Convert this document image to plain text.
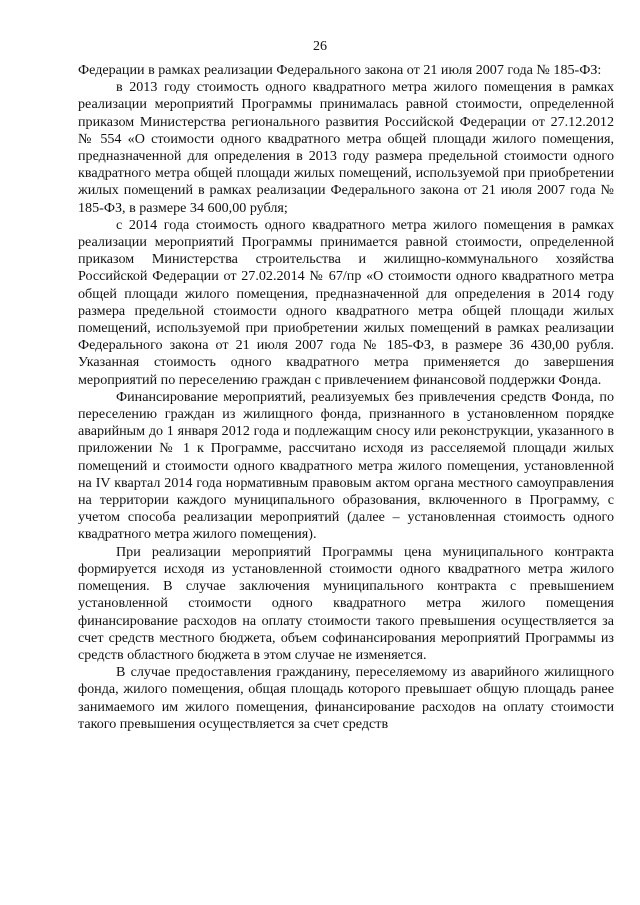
26

Федерации в рамках реализации Федерального закона от 21 июля 2007 года № 185-ФЗ:

в 2013 году стоимость одного квадратного метра жилого помещения в рамках реализации мероприятий Программы принималась равной стоимости, определенной приказом Министерства регионального развития Российской Федерации от 27.12.2012 № 554 «О стоимости одного квадратного метра общей площади жилого помещения, предназначенной для определения в 2013 году размера предельной стоимости одного квадратного метра общей площади жилых помещений, используемой при приобретении жилых помещений в рамках реализации Федерального закона от 21 июля 2007 года № 185-ФЗ, в размере 34 600,00 рубля;

с 2014 года стоимость одного квадратного метра жилого помещения в рамках реализации мероприятий Программы принимается равной стоимости, определенной приказом Министерства строительства и жилищно-коммунального хозяйства Российской Федерации от 27.02.2014 № 67/пр «О стоимости одного квадратного метра общей площади жилого помещения, предназначенной для определения в 2014 году размера предельной стоимости одного квадратного метра общей площади жилых помещений, используемой при приобретении жилых помещений в рамках реализации Федерального закона от 21 июля 2007 года № 185-ФЗ, в размере 36 430,00 рубля. Указанная стоимость одного квадратного метра применяется до завершения мероприятий по переселению граждан с привлечением финансовой поддержки Фонда.

Финансирование мероприятий, реализуемых без привлечения средств Фонда, по переселению граждан из жилищного фонда, признанного в установленном порядке аварийным до 1 января 2012 года и подлежащим сносу или реконструкции, указанного в приложении № 1 к Программе, рассчитано исходя из расселяемой площади жилых помещений и стоимости одного квадратного метра жилого помещения, установленной на IV квартал 2014 года нормативным правовым актом органа местного самоуправления на территории каждого муниципального образования, включенного в Программу, с учетом способа реализации мероприятий (далее – установленная стоимость одного квадратного метра жилого помещения).

При реализации мероприятий Программы цена муниципального контракта формируется исходя из установленной стоимости одного квадратного метра жилого помещения. В случае заключения муниципального контракта с превышением установленной стоимости одного квадратного метра жилого помещения финансирование расходов на оплату стоимости такого превышения осуществляется за счет средств местного бюджета, объем софинансирования мероприятий Программы из средств областного бюджета в этом случае не изменяется.

В случае предоставления гражданину, переселяемому из аварийного жилищного фонда, жилого помещения, общая площадь которого превышает общую площадь ранее занимаемого им жилого помещения, финансирование расходов на оплату стоимости такого превышения осуществляется за счет средств
